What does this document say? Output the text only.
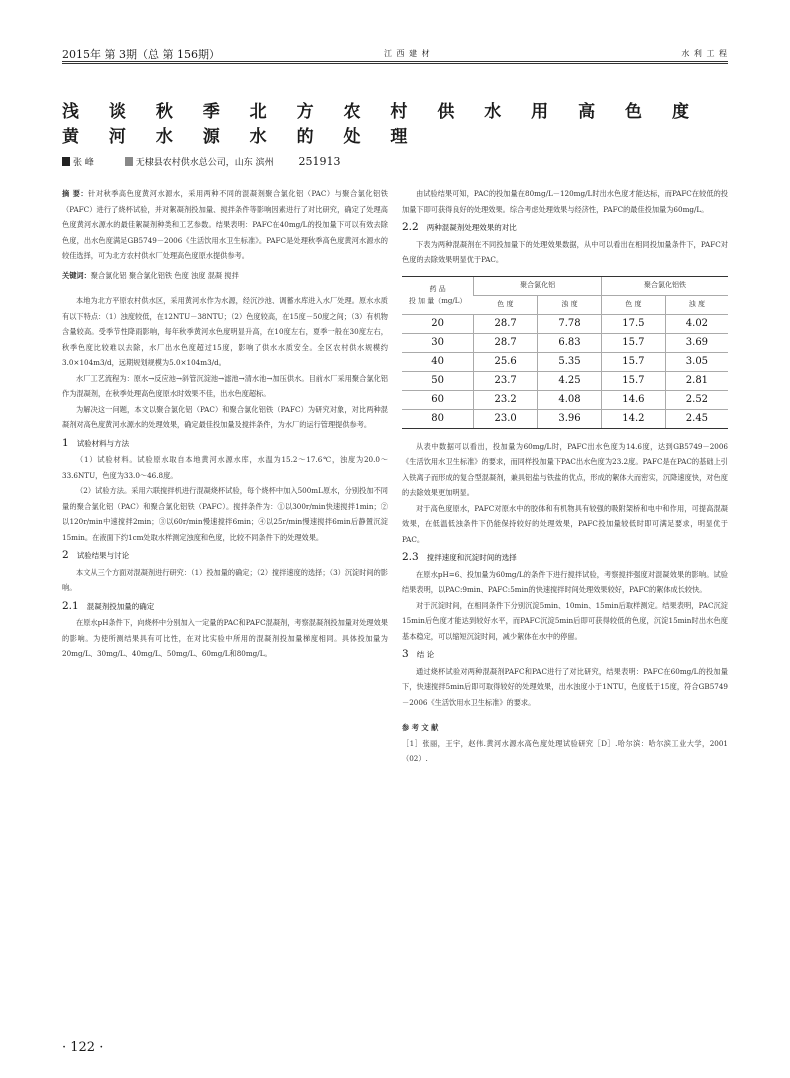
2015年 第 3期（总 第 156期）	江 西 建 材	水 利 工 程
浅 谈 秋 季 北 方 农 村 供 水 用 高 色 度 黄 河 水 源 水 的 处 理
张 峰	无棣县农村供水总公司，山东 滨州 251913

摘 要：针对秋季高色度黄河水源水，采用两种不同的混凝剂聚合氯化铝（PAC）与聚合氯化铝铁（PAFC）进行了烧杯试验，并对絮凝剂投加量、搅拌条件等影响因素进行了对比研究，确定了处理高色度黄河水源水的最佳絮凝剂种类和工艺参数。结果表明：PAFC在40mg/L的投加量下可以有效去除色度，出水色度满足GB5749－2006《生活饮用水卫生标准》。PAFC是处理秋季高色度黄河水源水的较佳选择，可为北方农村供水厂处理高色度原水提供参考。

关键词：聚合氯化铝 聚合氯化铝铁 色度 浊度 混凝 搅拌

本地为北方平原农村供水区，采用黄河水作为水源，经沉沙池、调蓄水库进入水厂处理。原水水质有以下特点：（1）浊度较低，在12NTU－38NTU；（2）色度较高，在15度－50度之间；（3）有机物含量较高。受季节性降雨影响，每年秋季黄河水色度明显升高，在10度左右，夏季一般在30度左右，秋季色度比较难以去除，水厂出水色度超过15度，影响了供水水质安全。全区农村供水规模约3.0×104m3/d，远期规划规模为5.0×104m3/d。

水厂工艺流程为：原水→反应池→斜管沉淀池→滤池→清水池→加压供水。目前水厂采用聚合氯化铝作为混凝剂，在秋季处理高色度原水时效果不佳，出水色度超标。

为解决这一问题，本文以聚合氯化铝（PAC）和聚合氯化铝铁（PAFC）为研究对象，对比两种混凝剂对高色度黄河水源水的处理效果，确定最佳投加量及搅拌条件，为水厂的运行管理提供参考。

1 试验材料与方法

（1）试验材料。试验原水取自本地黄河水源水库，水温为15.2～17.6℃，浊度为20.0～33.6NTU，色度为33.0～46.8度。

（2）试验方法。采用六联搅拌机进行混凝烧杯试验，每个烧杯中加入500mL原水，分别投加不同量的聚合氯化铝（PAC）和聚合氯化铝铁（PAFC）。搅拌条件为：①以300r/min快速搅拌1min；②以120r/min中速搅拌2min；③以60r/min慢速搅拌6min；④以25r/min慢速搅拌6min后静置沉淀15min。在液面下约1cm处取水样测定浊度和色度，比较不同条件下的处理效果。

2 试验结果与讨论

本文从三个方面对混凝剂进行研究：（1）投加量的确定；（2）搅拌速度的选择；（3）沉淀时间的影响。

2.1 混凝剂投加量的确定

在原水pH条件下，向烧杯中分别加入一定量的PAC和PAFC混凝剂，考察混凝剂投加量对处理效果的影响。为使所测结果具有可比性，在对比实验中所用的混凝剂投加量梯度相同。具体投加量为20mg/L、30mg/L、40mg/L、50mg/L、60mg/L和80mg/L。

由试验结果可知，PAC的投加量在80mg/L－120mg/L时出水色度才能达标，而PAFC在较低的投加量下即可获得良好的处理效果。综合考虑处理效果与经济性，PAFC的最佳投加量为60mg/L。

2.2 两种混凝剂处理效果的对比

下表为两种混凝剂在不同投加量下的处理效果数据，从中可以看出在相同投加量条件下，PAFC对色度的去除效果明显优于PAC。

药 品
投 加 量（mg/L）	聚合氯化铝		聚合氯化铝铁	
	色 度	浊 度	色 度	浊 度
20	28.7	7.78	17.5	4.02
30	28.7	6.83	15.7	3.69
40	25.6	5.35	15.7	3.05
50	23.7	4.25	15.7	2.81
60	23.2	4.08	14.6	2.52
80	23.0	3.96	14.2	2.45

从表中数据可以看出，投加量为60mg/L时，PAFC出水色度为14.6度，达到GB5749－2006《生活饮用水卫生标准》的要求，而同样投加量下PAC出水色度为23.2度。PAFC是在PAC的基础上引入铁离子而形成的复合型混凝剂，兼具铝盐与铁盐的优点，形成的絮体大而密实，沉降速度快，对色度的去除效果更加明显。

对于高色度原水，PAFC对原水中的胶体和有机物具有较强的吸附架桥和电中和作用，可提高混凝效果，在低温低浊条件下仍能保持较好的处理效果，PAFC投加量较低时即可满足要求，明显优于PAC。

2.3 搅拌速度和沉淀时间的选择

在原水pH=6、投加量为60mg/L的条件下进行搅拌试验，考察搅拌强度对混凝效果的影响。试验结果表明，以PAC:9min、PAFC:5min的快速搅拌时间处理效果较好，PAFC的絮体成长较快。

对于沉淀时间，在相同条件下分别沉淀5min、10min、15min后取样测定。结果表明，PAC沉淀15min后色度才能达到较好水平，而PAFC沉淀5min后即可获得较低的色度，沉淀15min时出水色度基本稳定，可以缩短沉淀时间，减少絮体在水中的停留。

3 结 论

通过烧杯试验对两种混凝剂PAFC和PAC进行了对比研究，结果表明：PAFC在60mg/L的投加量下，快速搅拌5min后即可取得较好的处理效果，出水浊度小于1NTU，色度低于15度，符合GB5749－2006《生活饮用水卫生标准》的要求。

参 考 文 献

［1］张丽，王宇，赵伟.黄河水源水高色度处理试验研究［D］.哈尔滨：哈尔滨工业大学，2001（02）.

· 122 ·
